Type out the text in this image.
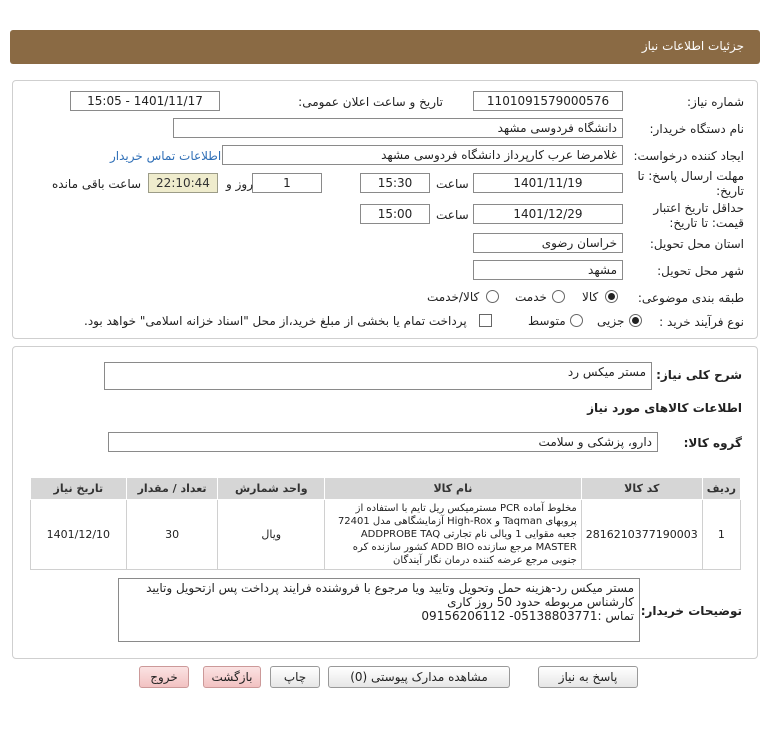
جزئیات اطلاعات نیاز
شماره نیاز:
1101091579000576
تاریخ و ساعت اعلان عمومی:
1401/11/17 - 15:05
نام دستگاه خریدار:
دانشگاه فردوسی مشهد
ایجاد کننده درخواست:
غلامرضا عرب کارپرداز دانشگاه فردوسی مشهد
اطلاعات تماس خریدار
مهلت ارسال پاسخ: تا
تاریخ:
1401/11/19
ساعت
15:30
1
روز و
22:10:44
ساعت باقی مانده
حداقل تاریخ اعتبار
قیمت: تا تاریخ:
1401/12/29
ساعت
15:00
استان محل تحویل:
خراسان رضوی
شهر محل تحویل:
مشهد
طبقه بندی موضوعی:
کالا
خدمت
کالا/خدمت
نوع فرآیند خرید :
جزیی
متوسط
پرداخت تمام یا بخشی از مبلغ خرید،از محل "اسناد خزانه اسلامی" خواهد بود.
شرح کلی نیاز:
مستر میکس رد
اطلاعات کالاهای مورد نیاز
گروه کالا:
دارو، پزشکی و سلامت
ردیف	کد کالا	نام کالا	واحد شمارش	تعداد / مقدار	تاریخ نیاز
1	2816210377190003	مخلوط آماده PCR مسترمیکس ریل تایم با استفاده از پروبهای Taqman و High-Rox آزمایشگاهی مدل 72401 جعبه مقوایی 1 ویالی نام تجارتی ADDPROBE TAQ MASTER مرجع سازنده ADD BIO کشور سازنده کره جنوبی مرجع عرضه کننده درمان نگار آیندگان	ویال	30	1401/12/10
توضیحات خریدار:
مستر میکس رد-هزینه حمل وتحویل وتایید ویا مرجوع با فروشنده فرایند پرداخت پس ازتحویل وتایید کارشناس مربوطه حدود 50 روز کاری
تماس :05138803771- 09156206112
پاسخ به نیاز
مشاهده مدارک پیوستی (0)
چاپ
بازگشت
خروج
